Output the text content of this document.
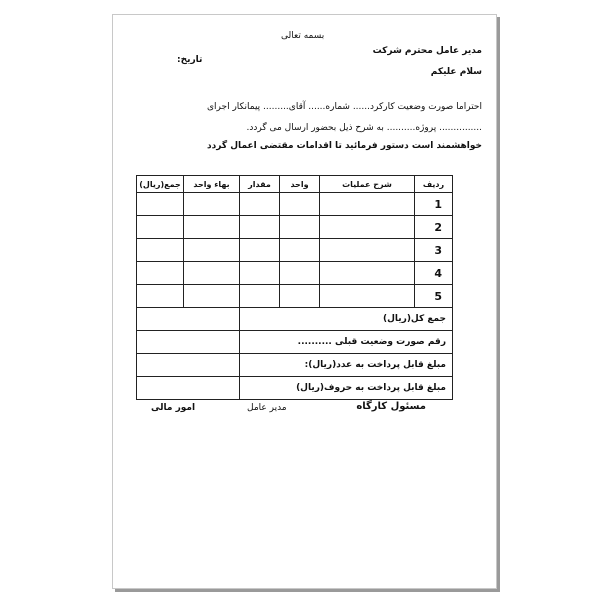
بسمه تعالی
تاریخ:
مدیر عامل محترم شرکت
سلام علیکم
احتراما صورت وضعیت کارکرد...... شماره...... آقای......... پیمانکار اجرای
............... پروژه.......... به شرح ذیل بحضور ارسال می گردد.
خواهشمند است دستور فرمائید تا اقدامات مقتضی اعمال گردد
ردیف	شرح عملیات	واحد	مقدار	بهاء واحد	جمع(ریال)
1					
2					
3					
4					
5					
جمع کل(ریال)					
رقم صورت وضعیت قبلی ..........					
مبلغ قابل پرداخت به عدد(ریال):					
مبلغ قابل پرداخت به حروف(ریال)					
مسئول کارگاه
مدیر عامل
امور مالی
